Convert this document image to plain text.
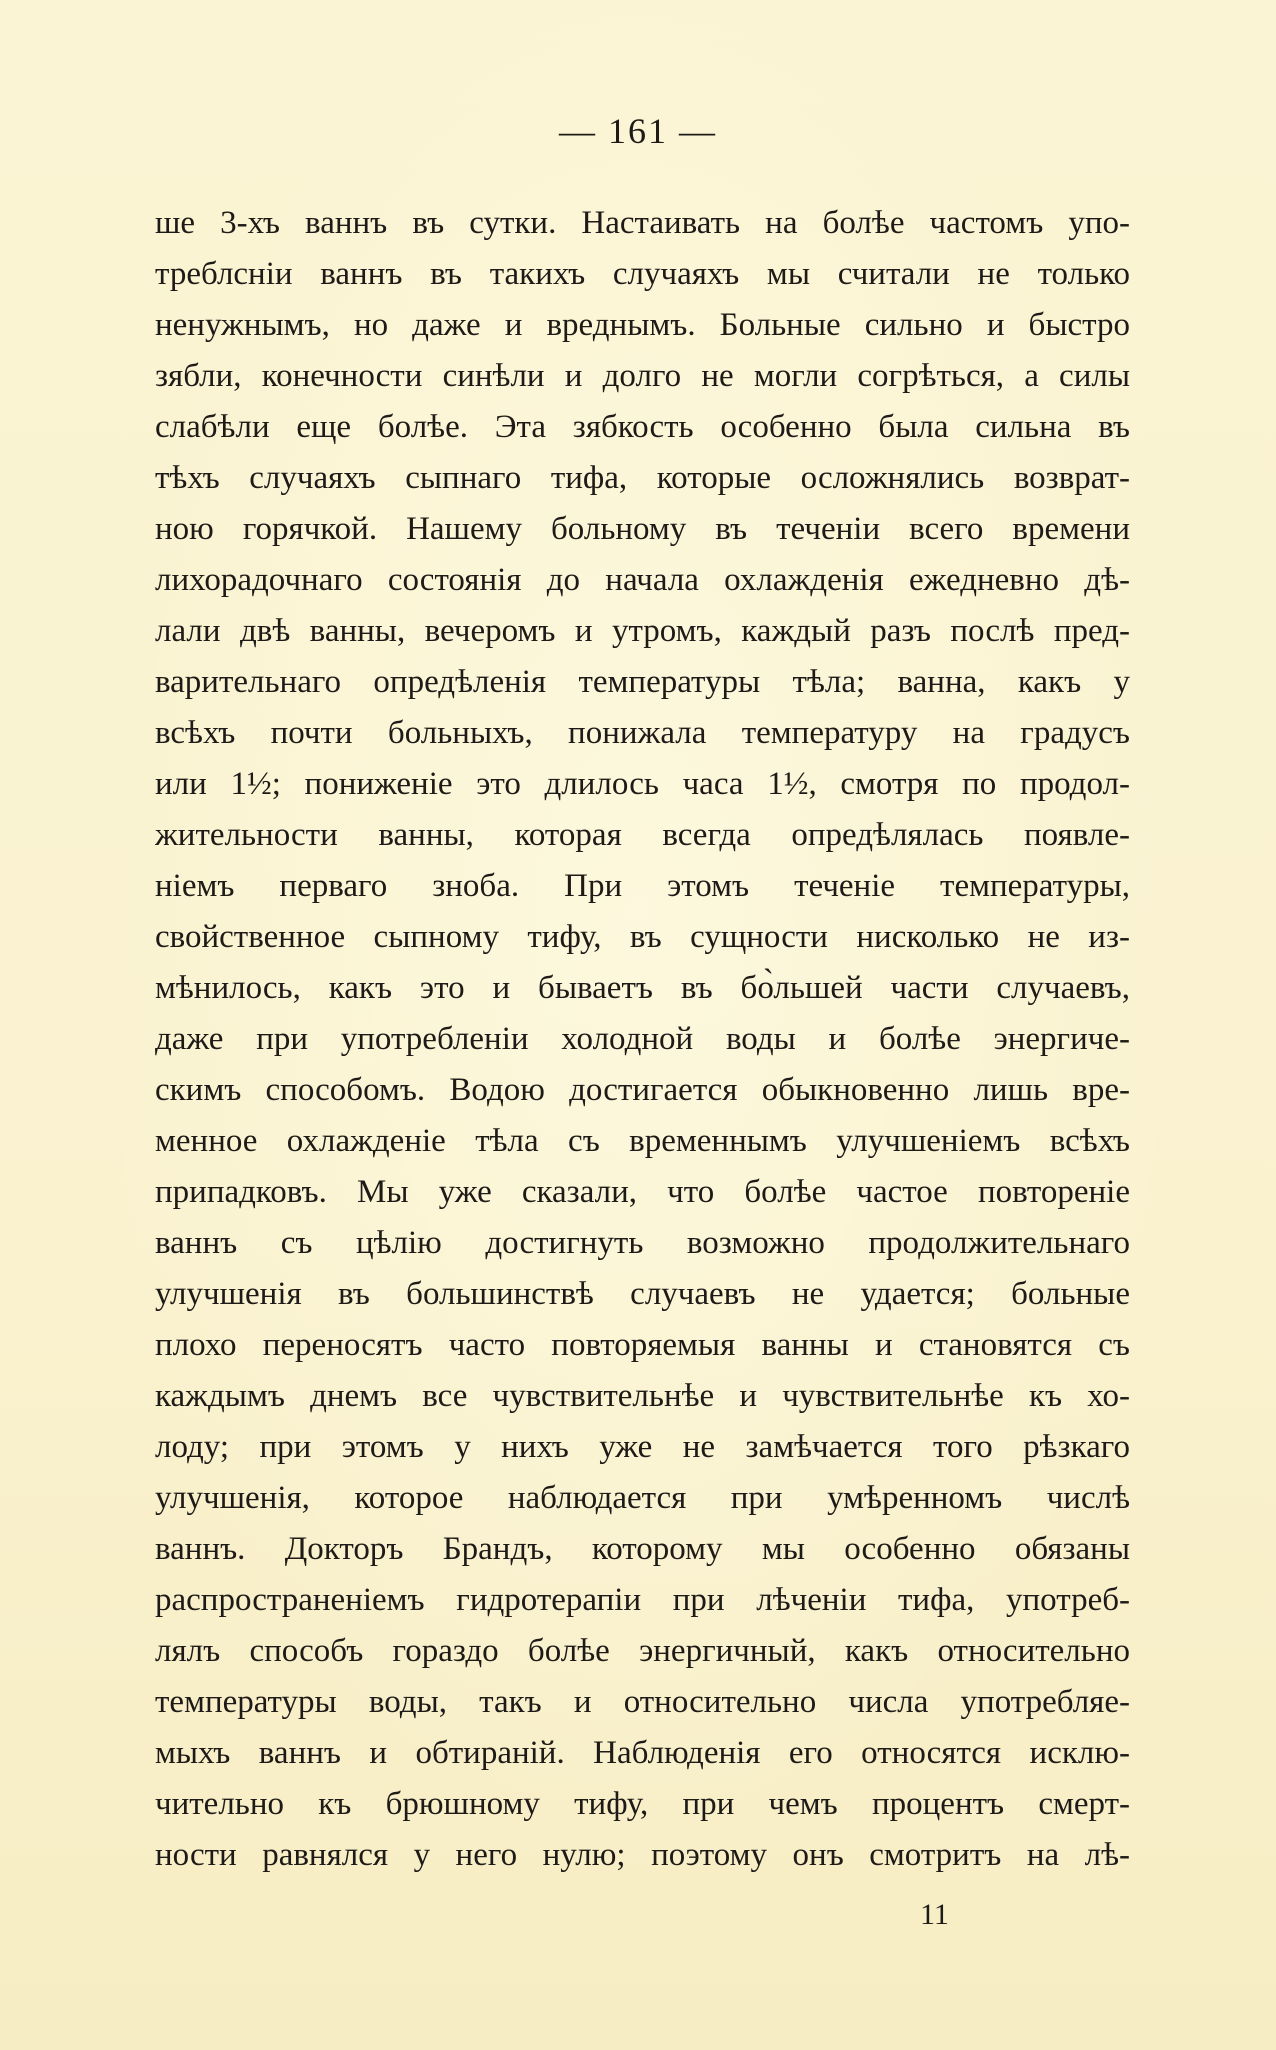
— 161 —
ше 3-хъ ваннъ въ сутки. Настаивать на болѣе частомъ упо-
треблсніи ваннъ въ такихъ случаяхъ мы считали не только
ненужнымъ, но даже и вреднымъ. Больные сильно и быстро
зябли, конечности синѣли и долго не могли согрѣться, а силы
слабѣли еще болѣе. Эта зябкость особенно была сильна въ
тѣхъ случаяхъ сыпнаго тифа, которые осложнялись возврат-
ною горячкой. Нашему больному въ теченіи всего времени
лихорадочнаго состоянія до начала охлажденія ежедневно дѣ-
лали двѣ ванны, вечеромъ и утромъ, каждый разъ послѣ пред-
варительнаго опредѣленія температуры тѣла; ванна, какъ у
всѣхъ почти больныхъ, понижала температуру на градусъ
или 1½; пониженіе это длилось часа 1½, смотря по продол-
жительности ванны, которая всегда опредѣлялась появле-
ніемъ перваго зноба. При этомъ теченіе температуры,
свойственное сыпному тифу, въ сущности нисколько не из-
мѣнилось, какъ это и бываетъ въ бо̀льшей части случаевъ,
даже при употребленіи холодной воды и болѣе энергиче-
скимъ способомъ. Водою достигается обыкновенно лишь вре-
менное охлажденіе тѣла съ временнымъ улучшеніемъ всѣхъ
припадковъ. Мы уже сказали, что болѣе частое повтореніе
ваннъ съ цѣлію достигнуть возможно продолжительнаго
улучшенія въ большинствѣ случаевъ не удается; больные
плохо переносятъ часто повторяемыя ванны и становятся съ
каждымъ днемъ все чувствительнѣе и чувствительнѣе къ хо-
лоду; при этомъ у нихъ уже не замѣчается того рѣзкаго
улучшенія, которое наблюдается при умѣренномъ числѣ
ваннъ. Докторъ Брандъ, которому мы особенно обязаны
распространеніемъ гидротерапіи при лѣченіи тифа, употреб-
лялъ способъ гораздо болѣе энергичный, какъ относительно
температуры воды, такъ и относительно числа употребляе-
мыхъ ваннъ и обтираній. Наблюденія его относятся исклю-
чительно къ брюшному тифу, при чемъ процентъ смерт-
ности равнялся у него нулю; поэтому онъ смотритъ на лѣ-
11
